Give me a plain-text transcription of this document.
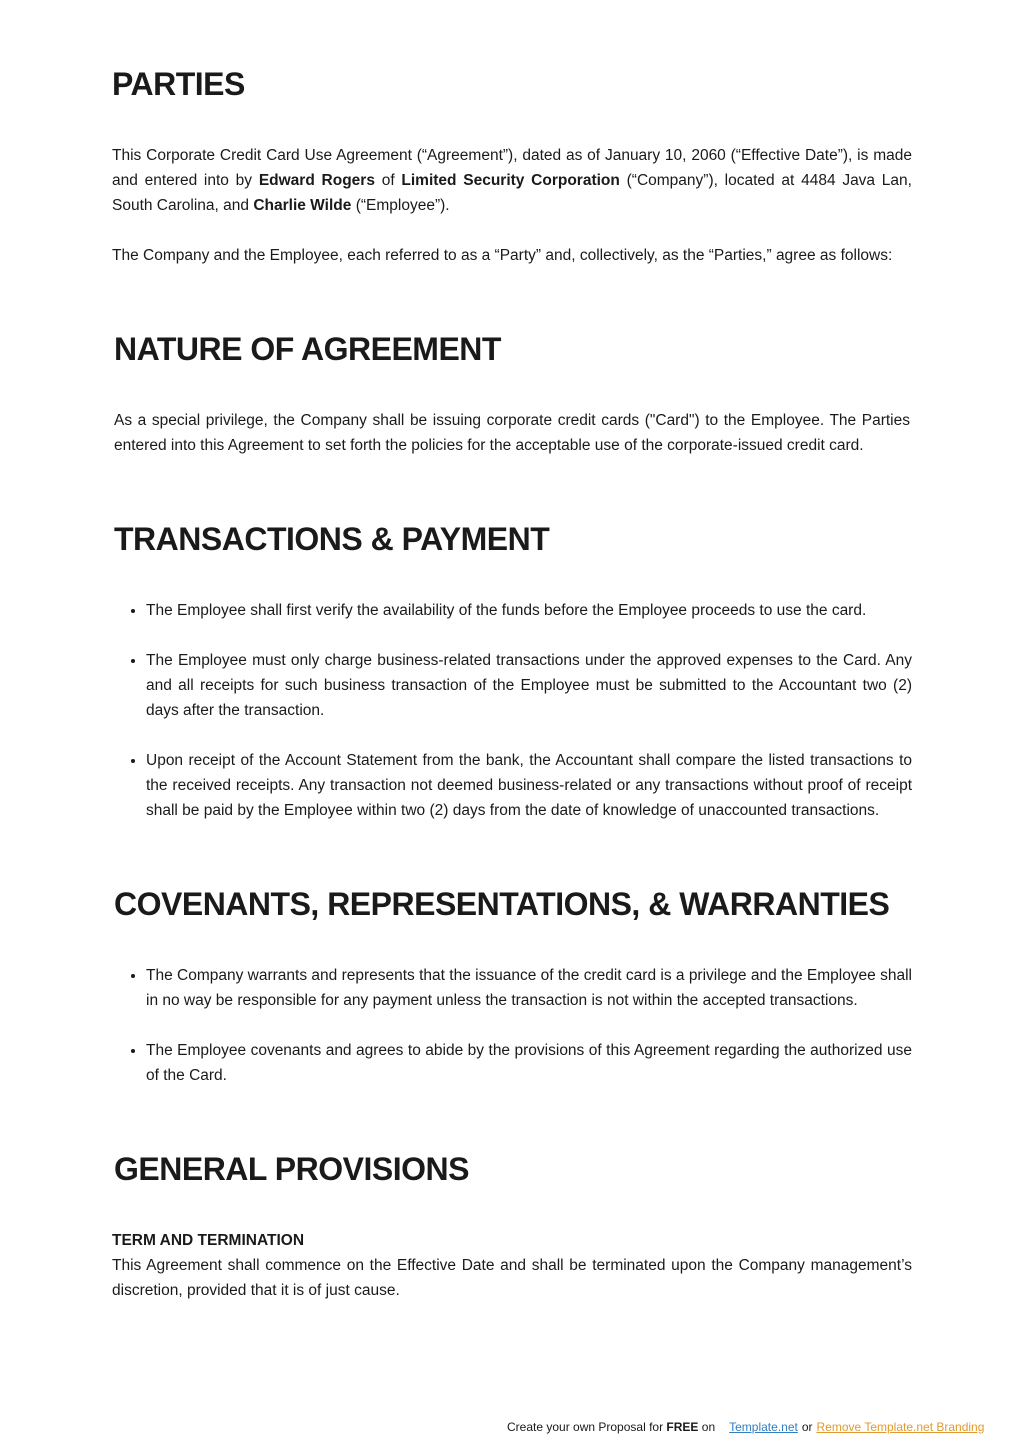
PARTIES

This Corporate Credit Card Use Agreement (“Agreement”), dated as of January 10, 2060 (“Effective Date”), is made and entered into by Edward Rogers of Limited Security Corporation (“Company”), located at 4484 Java Lan, South Carolina, and Charlie Wilde (“Employee”).

The Company and the Employee, each referred to as a “Party” and, collectively, as the “Parties,” agree as follows:

NATURE OF AGREEMENT

As a special privilege, the Company shall be issuing corporate credit cards ("Card") to the Employee. The Parties entered into this Agreement to set forth the policies for the acceptable use of the corporate-issued credit card.

TRANSACTIONS & PAYMENT
• The Employee shall first verify the availability of the funds before the Employee proceeds to use the card.
• The Employee must only charge business-related transactions under the approved expenses to the Card. Any and all receipts for such business transaction of the Employee must be submitted to the Accountant two (2) days after the transaction.
• Upon receipt of the Account Statement from the bank, the Accountant shall compare the listed transactions to the received receipts. Any transaction not deemed business-related or any transactions without proof of receipt shall be paid by the Employee within two (2) days from the date of knowledge of unaccounted transactions.
COVENANTS, REPRESENTATIONS, & WARRANTIES
• The Company warrants and represents that the issuance of the credit card is a privilege and the Employee shall in no way be responsible for any payment unless the transaction is not within the accepted transactions.
• The Employee covenants and agrees to abide by the provisions of this Agreement regarding the authorized use of the Card.
GENERAL PROVISIONS
TERM AND TERMINATION

This Agreement shall commence on the Effective Date and shall be terminated upon the Company management’s discretion, provided that it is of just cause.

Create your own Proposal for FREE on Template.net or Remove Template.net Branding
